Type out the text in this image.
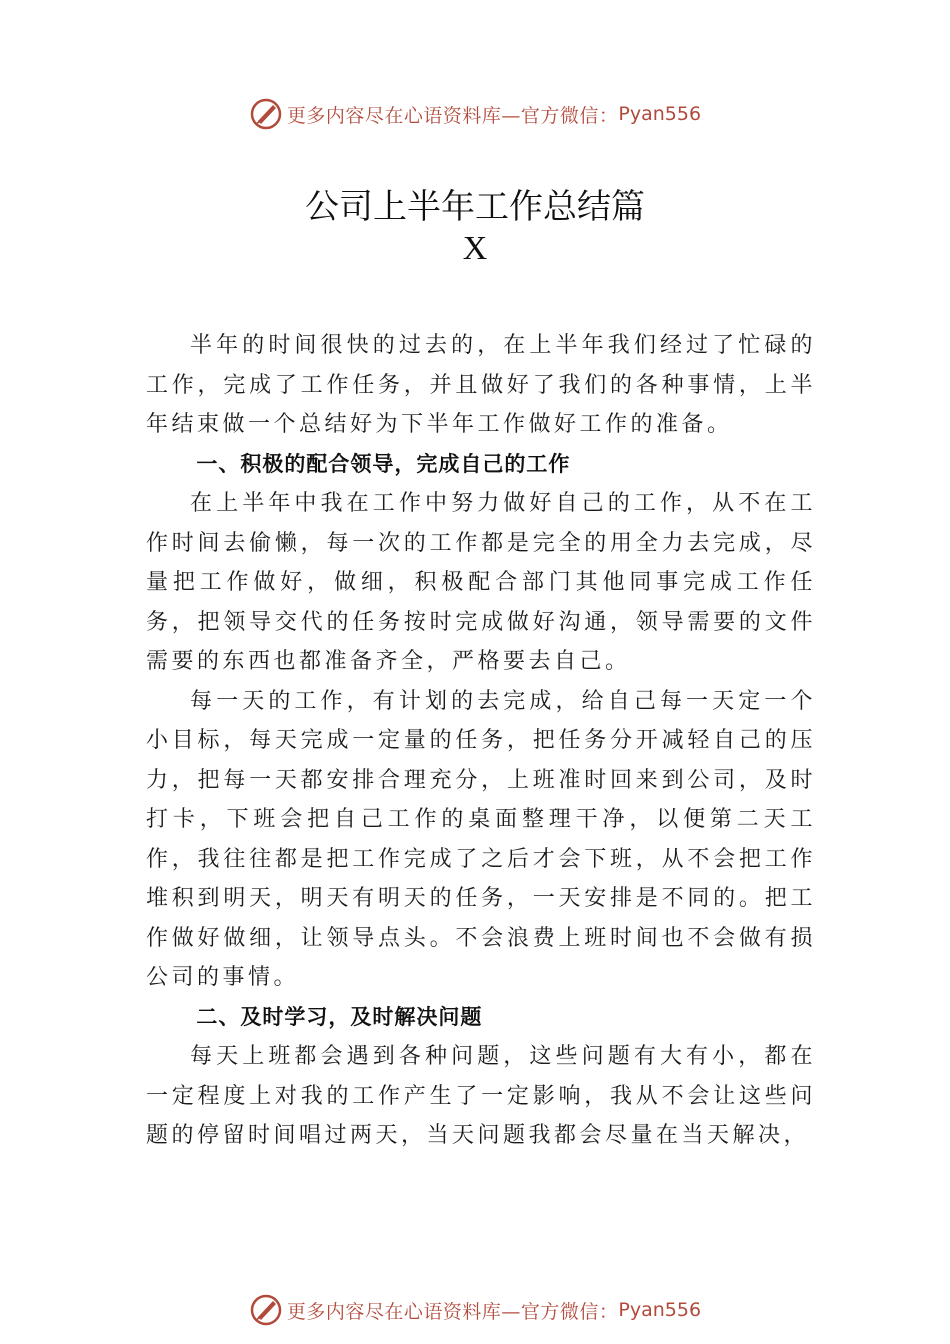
更多内容尽在心语资料库—官方微信： Pyan556
公司上半年工作总结篇
X

半年的时间很快的过去的，在上半年我们经过了忙碌的工作，完成了工作任务，并且做好了我们的各种事情，上半年结束做一个总结好为下半年工作做好工作的准备。

一、积极的配合领导，完成自己的工作

在上半年中我在工作中努力做好自己的工作，从不在工作时间去偷懒，每一次的工作都是完全的用全力去完成，尽量把工作做好，做细，积极配合部门其他同事完成工作任务，把领导交代的任务按时完成做好沟通，领导需要的文件需要的东西也都准备齐全，严格要去自己。

每一天的工作，有计划的去完成，给自己每一天定一个小目标，每天完成一定量的任务，把任务分开减轻自己的压力，把每一天都安排合理充分，上班准时回来到公司，及时打卡，下班会把自己工作的桌面整理干净，以便第二天工作，我往往都是把工作完成了之后才会下班，从不会把工作堆积到明天，明天有明天的任务，一天安排是不同的。把工作做好做细，让领导点头。不会浪费上班时间也不会做有损公司的事情。

二、及时学习，及时解决问题

每天上班都会遇到各种问题，这些问题有大有小，都在一定程度上对我的工作产生了一定影响，我从不会让这些问题的停留时间唱过两天，当天问题我都会尽量在当天解决，

更多内容尽在心语资料库—官方微信： Pyan556
